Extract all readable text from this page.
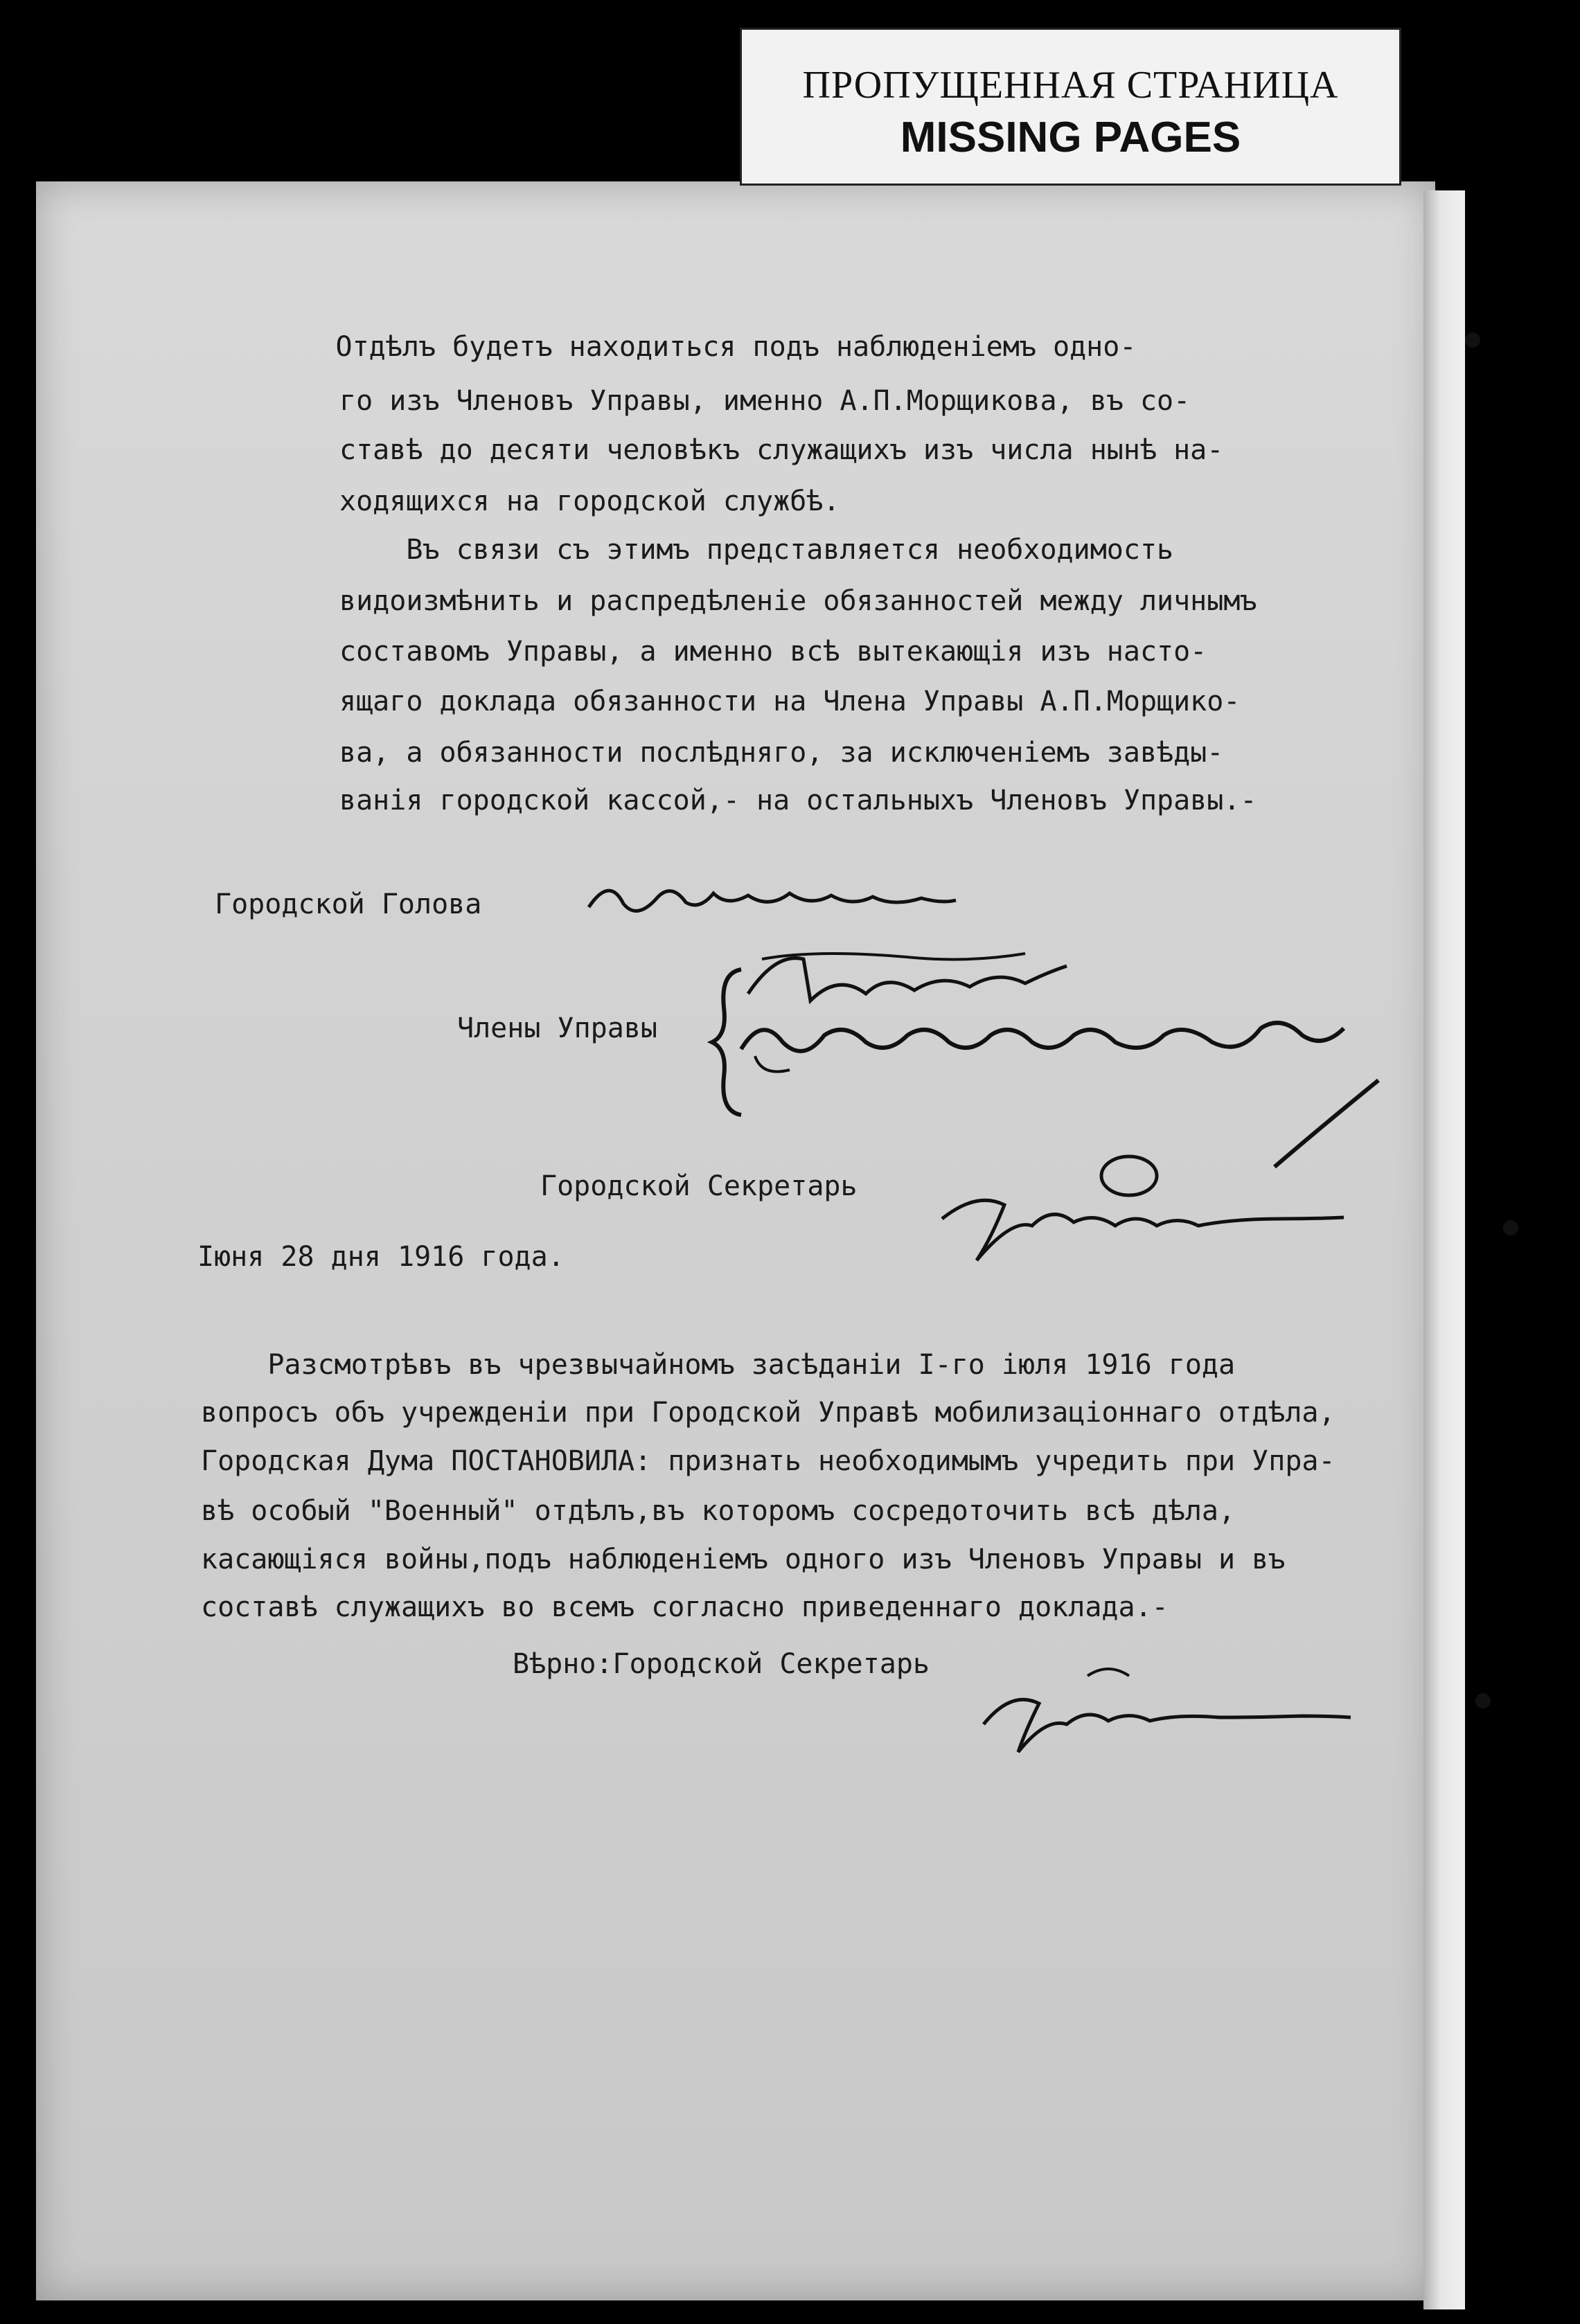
ПРОПУЩЕННАЯ СТРАНИЦА
MISSING PAGES
Отдѣлъ будетъ находиться подъ наблюденiемъ одно-
го изъ Членовъ Управы, именно А.П.Морщикова, въ со-
ставѣ до десяти человѣкъ служащихъ изъ числа нынѣ на-
ходящихся на городской службѣ.
Въ связи съ этимъ представляется необходимость
видоизмѣнить и распредѣленiе обязанностей между личнымъ
составомъ Управы, а именно всѣ вытекающiя изъ насто-
ящаго доклада обязанности на Члена Управы А.П.Морщико-
ва, а обязанности послѣдняго, за исключенiемъ завѣды-
ванiя городской кассой,- на остальныхъ Членовъ Управы.-
Городской Голова
Члены Управы
Городской Секретарь
Iюня 28 дня 1916 года.
Разсмотрѣвъ въ чрезвычайномъ засѣданiи I-го iюля 1916 года
вопросъ объ учрежденiи при Городской Управѣ мобилизацiоннаго отдѣла,
Городская Дума ПОСТАНОВИЛА: признать необходимымъ учредить при Упра-
вѣ особый "Военный" отдѣлъ,въ которомъ сосредоточить всѣ дѣла,
касающiяся войны,подъ наблюденiемъ одного изъ Членовъ Управы и въ
составѣ служащихъ во всемъ согласно приведеннаго доклада.-
Вѣрно:Городской Секретарь
